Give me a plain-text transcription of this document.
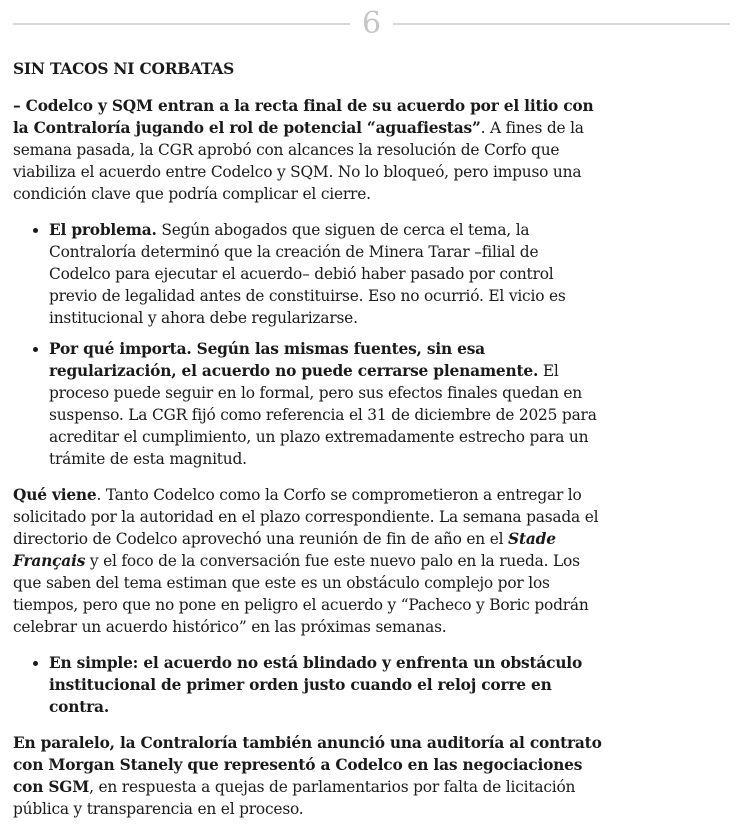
6
SIN TACOS NI CORBATAS

– Codelco y SQM entran a la recta final de su acuerdo por el litio con la Contraloría jugando el rol de potencial “aguafiestas”. A fines de la semana pasada, la CGR aprobó con alcances la resolución de Corfo que viabiliza el acuerdo entre Codelco y SQM. No lo bloqueó, pero impuso una condición clave que podría complicar el cierre.

• El problema. Según abogados que siguen de cerca el tema, la Contraloría determinó que la creación de Minera Tarar –filial de Codelco para ejecutar el acuerdo– debió haber pasado por control previo de legalidad antes de constituirse. Eso no ocurrió. El vicio es institucional y ahora debe regularizarse.
• Por qué importa. Según las mismas fuentes, sin esa regularización, el acuerdo no puede cerrarse plenamente. El proceso puede seguir en lo formal, pero sus efectos finales quedan en suspenso. La CGR fijó como referencia el 31 de diciembre de 2025 para acreditar el cumplimiento, un plazo extremadamente estrecho para un trámite de esta magnitud.

Qué viene. Tanto Codelco como la Corfo se comprometieron a entregar lo solicitado por la autoridad en el plazo correspondiente. La semana pasada el directorio de Codelco aprovechó una reunión de fin de año en el Stade Français y el foco de la conversación fue este nuevo palo en la rueda. Los que saben del tema estiman que este es un obstáculo complejo por los tiempos, pero que no pone en peligro el acuerdo y “Pacheco y Boric podrán celebrar un acuerdo histórico” en las próximas semanas.

• En simple: el acuerdo no está blindado y enfrenta un obstáculo institucional de primer orden justo cuando el reloj corre en contra.

En paralelo, la Contraloría también anunció una auditoría al contrato con Morgan Stanely que representó a Codelco en las negociaciones con SGM, en respuesta a quejas de parlamentarios por falta de licitación pública y transparencia en el proceso.
